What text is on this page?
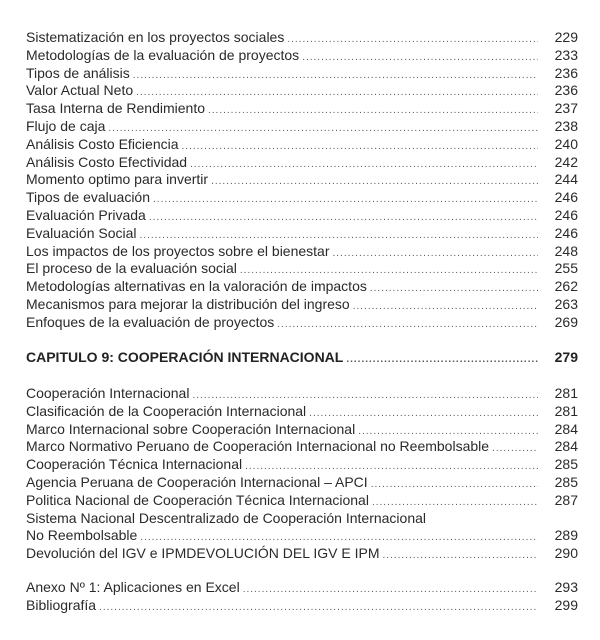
Sistematización en los proyectos sociales .....	229
Metodologías de la evaluación de proyectos .....	233
Tipos de análisis .....	236
Valor Actual Neto .....	236
Tasa Interna de Rendimiento .....	237
Flujo de caja .....	238
Análisis Costo Eficiencia .....	240
Análisis Costo Efectividad .....	242
Momento optimo para invertir .....	244
Tipos de evaluación .....	246
Evaluación Privada .....	246
Evaluación Social .....	246
Los impactos de los proyectos sobre el bienestar .....	248
El proceso de la evaluación social .....	255
Metodologías alternativas en la valoración de impactos .....	262
Mecanismos para mejorar la distribución del ingreso .....	263
Enfoques de la evaluación de proyectos .....	269
CAPITULO 9: COOPERACIÓN INTERNACIONAL .....	279
Cooperación Internacional .....	281
Clasificación de la Cooperación Internacional .....	281
Marco Internacional sobre Cooperación Internacional .....	284
Marco Normativo Peruano de Cooperación Internacional no Reembolsable .....	284
Cooperación Técnica Internacional .....	285
Agencia Peruana de Cooperación Internacional – APCI .....	285
Politica Nacional de Cooperación Técnica Internacional .....	287
Sistema Nacional Descentralizado de Cooperación Internacional
No Reembolsable .....	289
Devolución del IGV e IPMDEVOLUCIÓN DEL IGV E IPM .....	290
Anexo Nº 1: Aplicaciones en Excel .....	293
Bibliografía .....	299
